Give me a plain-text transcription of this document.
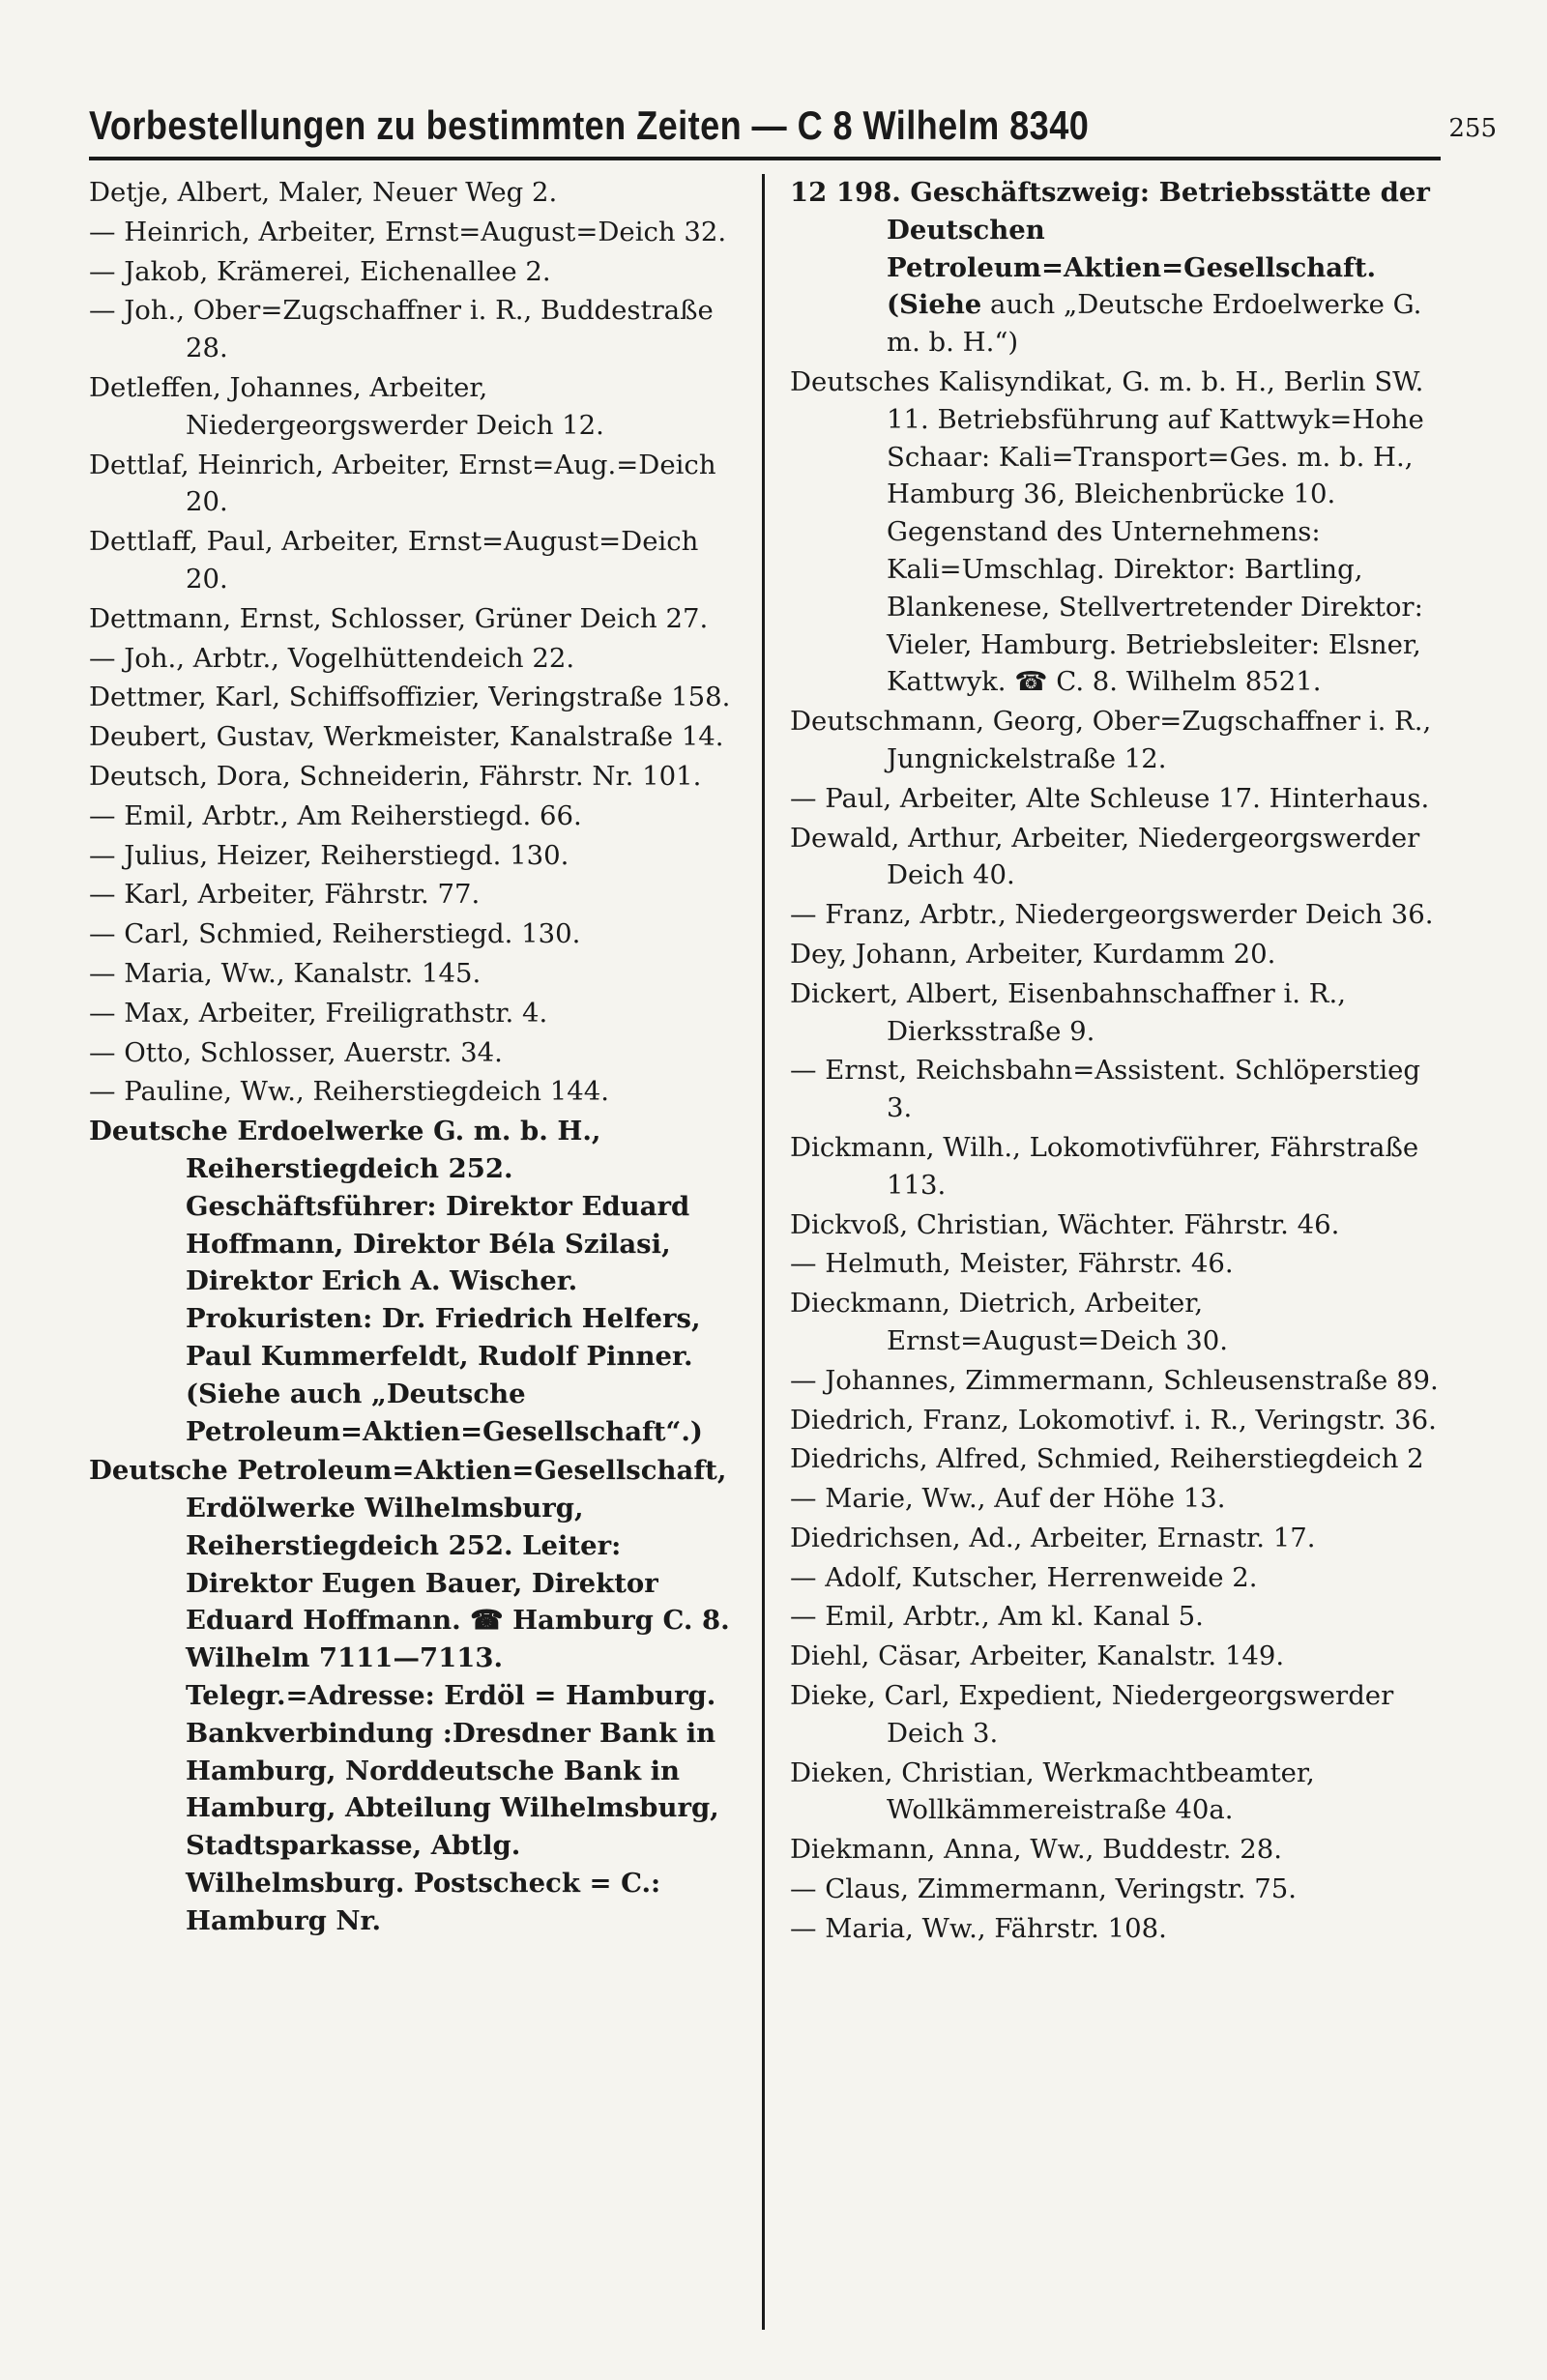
Vorbestellungen zu bestimmten Zeiten — C 8 Wilhelm 8340	255

Detje, Albert, Maler, Neuer Weg 2.

— Heinrich, Arbeiter, Ernst=August=Deich 32.

— Jakob, Krämerei, Eichenallee 2.

— Joh., Ober=Zugschaffner i. R., Buddestraße 28.

Detleffen, Johannes, Arbeiter, Niedergeorgswerder Deich 12.

Dettlaf, Heinrich, Arbeiter, Ernst=Aug.=Deich 20.

Dettlaff, Paul, Arbeiter, Ernst=August=Deich 20.

Dettmann, Ernst, Schlosser, Grüner Deich 27.

— Joh., Arbtr., Vogelhüttendeich 22.

Dettmer, Karl, Schiffsoffizier, Veringstraße 158.

Deubert, Gustav, Werkmeister, Kanalstraße 14.

Deutsch, Dora, Schneiderin, Fährstr. Nr. 101.

— Emil, Arbtr., Am Reiherstiegd. 66.

— Julius, Heizer, Reiherstiegd. 130.

— Karl, Arbeiter, Fährstr. 77.

— Carl, Schmied, Reiherstiegd. 130.

— Maria, Ww., Kanalstr. 145.

— Max, Arbeiter, Freiligrathstr. 4.

— Otto, Schlosser, Auerstr. 34.

— Pauline, Ww., Reiherstiegdeich 144.

Deutsche Erdoelwerke G. m. b. H., Reiherstiegdeich 252. Geschäftsführer: Direktor Eduard Hoffmann, Direktor Béla Szilasi, Direktor Erich A. Wischer. Prokuristen: Dr. Friedrich Helfers, Paul Kummerfeldt, Rudolf Pinner. (Siehe auch „Deutsche Petroleum=Aktien=Gesellschaft“.)

Deutsche Petroleum=Aktien=Gesellschaft, Erdölwerke Wilhelmsburg, Reiherstiegdeich 252. Leiter: Direktor Eugen Bauer, Direktor Eduard Hoffmann. ☎ Hamburg C. 8. Wilhelm 7111—7113. Telegr.=Adresse: Erdöl = Hamburg. Bankverbindung :Dresdner Bank in Hamburg, Norddeutsche Bank in Hamburg, Abteilung Wilhelmsburg, Stadtsparkasse, Abtlg. Wilhelmsburg. Postscheck = C.: Hamburg Nr.

12 198. Geschäftszweig: Betriebsstätte der Deutschen Petroleum=Aktien=Gesellschaft. (Siehe auch „Deutsche Erdoelwerke G. m. b. H.“)

Deutsches Kalisyndikat, G. m. b. H., Berlin SW. 11. Betriebsführung auf Kattwyk=Hohe Schaar: Kali=Transport=Ges. m. b. H., Hamburg 36, Bleichenbrücke 10. Gegenstand des Unternehmens: Kali=Umschlag. Direktor: Bartling, Blankenese, Stellvertretender Direktor: Vieler, Hamburg. Betriebsleiter: Elsner, Kattwyk. ☎ C. 8. Wilhelm 8521.

Deutschmann, Georg, Ober=Zugschaffner i. R., Jungnickelstraße 12.

— Paul, Arbeiter, Alte Schleuse 17. Hinterhaus.

Dewald, Arthur, Arbeiter, Niedergeorgswerder Deich 40.

— Franz, Arbtr., Niedergeorgswerder Deich 36.

Dey, Johann, Arbeiter, Kurdamm 20.

Dickert, Albert, Eisenbahnschaffner i. R., Dierksstraße 9.

— Ernst, Reichsbahn=Assistent. Schlöperstieg 3.

Dickmann, Wilh., Lokomotivführer, Fährstraße 113.

Dickvoß, Christian, Wächter. Fährstr. 46.

— Helmuth, Meister, Fährstr. 46.

Dieckmann, Dietrich, Arbeiter, Ernst=August=Deich 30.

— Johannes, Zimmermann, Schleusenstraße 89.

Diedrich, Franz, Lokomotivf. i. R., Veringstr. 36.

Diedrichs, Alfred, Schmied, Reiherstiegdeich 2

— Marie, Ww., Auf der Höhe 13.

Diedrichsen, Ad., Arbeiter, Ernastr. 17.

— Adolf, Kutscher, Herrenweide 2.

— Emil, Arbtr., Am kl. Kanal 5.

Diehl, Cäsar, Arbeiter, Kanalstr. 149.

Dieke, Carl, Expedient, Niedergeorgswerder Deich 3.

Dieken, Christian, Werkmachtbeamter, Wollkämmereistraße 40a.

Diekmann, Anna, Ww., Buddestr. 28.

— Claus, Zimmermann, Veringstr. 75.

— Maria, Ww., Fährstr. 108.
